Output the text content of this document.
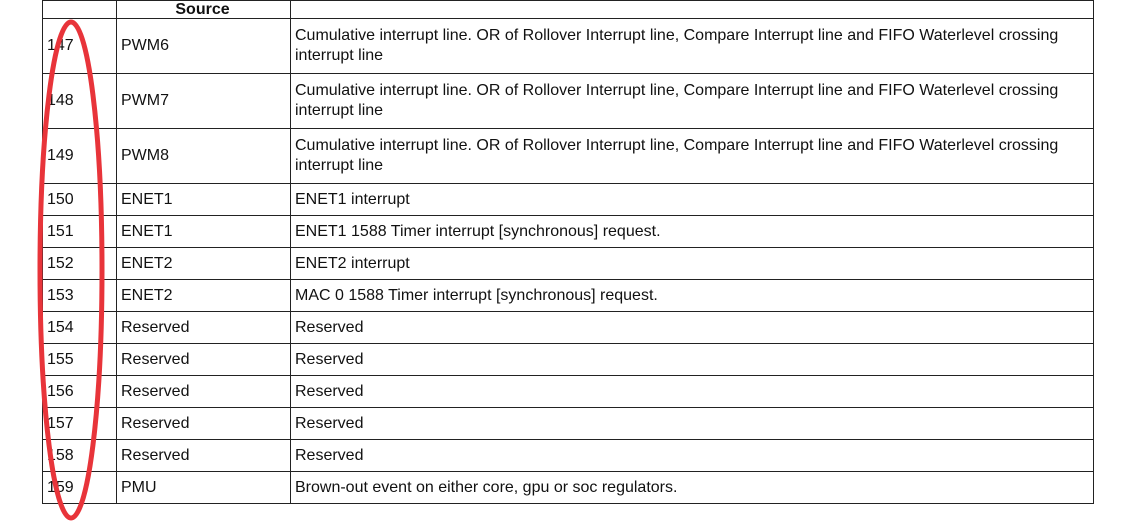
	Source	
147	PWM6	Cumulative interrupt line. OR of Rollover Interrupt line, Compare Interrupt line and FIFO Waterlevel crossing interrupt line
148	PWM7	Cumulative interrupt line. OR of Rollover Interrupt line, Compare Interrupt line and FIFO Waterlevel crossing interrupt line
149	PWM8	Cumulative interrupt line. OR of Rollover Interrupt line, Compare Interrupt line and FIFO Waterlevel crossing interrupt line
150	ENET1	ENET1 interrupt
151	ENET1	ENET1 1588 Timer interrupt [synchronous] request.
152	ENET2	ENET2 interrupt
153	ENET2	MAC 0 1588 Timer interrupt [synchronous] request.
154	Reserved	Reserved
155	Reserved	Reserved
156	Reserved	Reserved
157	Reserved	Reserved
158	Reserved	Reserved
159	PMU	Brown-out event on either core, gpu or soc regulators.
